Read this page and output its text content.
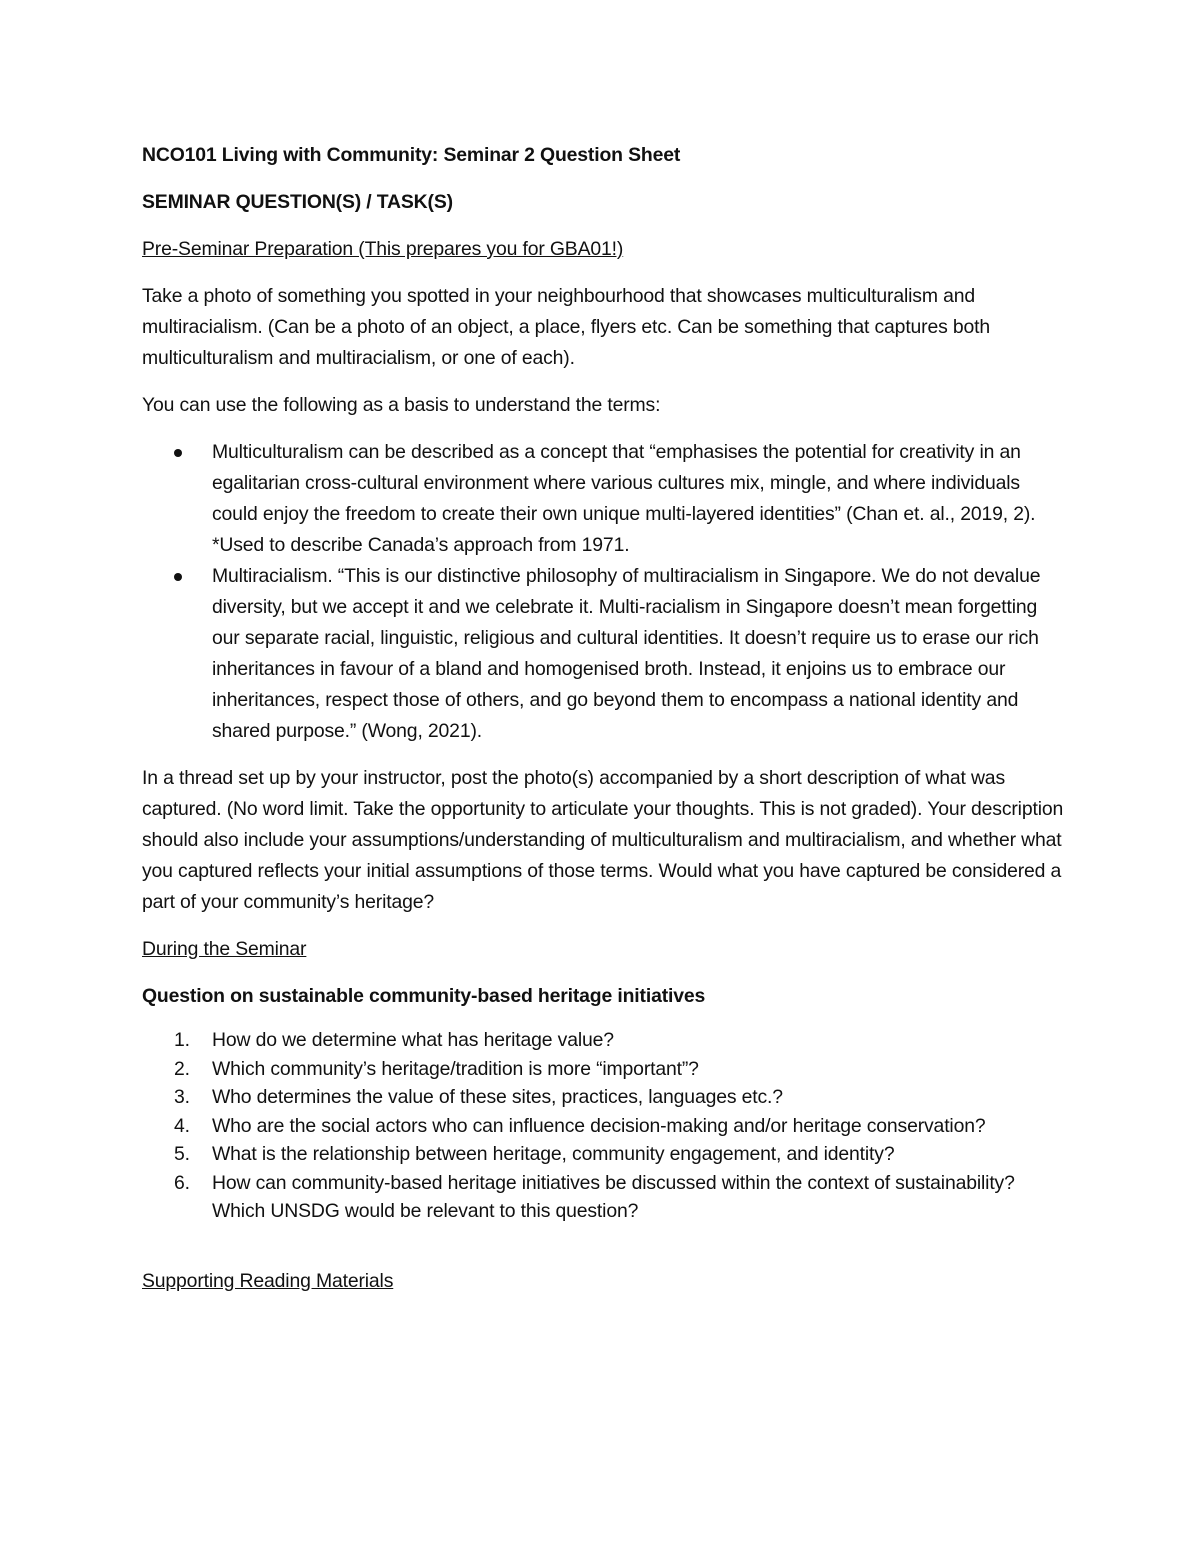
NCO101 Living with Community: Seminar 2 Question Sheet

SEMINAR QUESTION(S) / TASK(S)

Pre-Seminar Preparation (This prepares you for GBA01!)

Take a photo of something you spotted in your neighbourhood that showcases multiculturalism and multiracialism. (Can be a photo of an object, a place, flyers etc. Can be something that captures both multiculturalism and multiracialism, or one of each).

You can use the following as a basis to understand the terms:

Multiculturalism can be described as a concept that “emphasises the potential for creativity in an egalitarian cross-cultural environment where various cultures mix, mingle, and where individuals could enjoy the freedom to create their own unique multi-layered identities” (Chan et. al., 2019, 2). *Used to describe Canada’s approach from 1971.
Multiracialism. “This is our distinctive philosophy of multiracialism in Singapore. We do not devalue diversity, but we accept it and we celebrate it. Multi-racialism in Singapore doesn’t mean forgetting our separate racial, linguistic, religious and cultural identities. It doesn’t require us to erase our rich inheritances in favour of a bland and homogenised broth. Instead, it enjoins us to embrace our inheritances, respect those of others, and go beyond them to encompass a national identity and shared purpose.” (Wong, 2021).

In a thread set up by your instructor, post the photo(s) accompanied by a short description of what was captured. (No word limit. Take the opportunity to articulate your thoughts. This is not graded). Your description should also include your assumptions/understanding of multiculturalism and multiracialism, and whether what you captured reflects your initial assumptions of those terms. Would what you have captured be considered a part of your community’s heritage?

During the Seminar

Question on sustainable community-based heritage initiatives

1. How do we determine what has heritage value?
2. Which community’s heritage/tradition is more “important”?
3. Who determines the value of these sites, practices, languages etc.?
4. Who are the social actors who can influence decision-making and/or heritage conservation?
5. What is the relationship between heritage, community engagement, and identity?
6. How can community-based heritage initiatives be discussed within the context of sustainability? Which UNSDG would be relevant to this question?

Supporting Reading Materials
